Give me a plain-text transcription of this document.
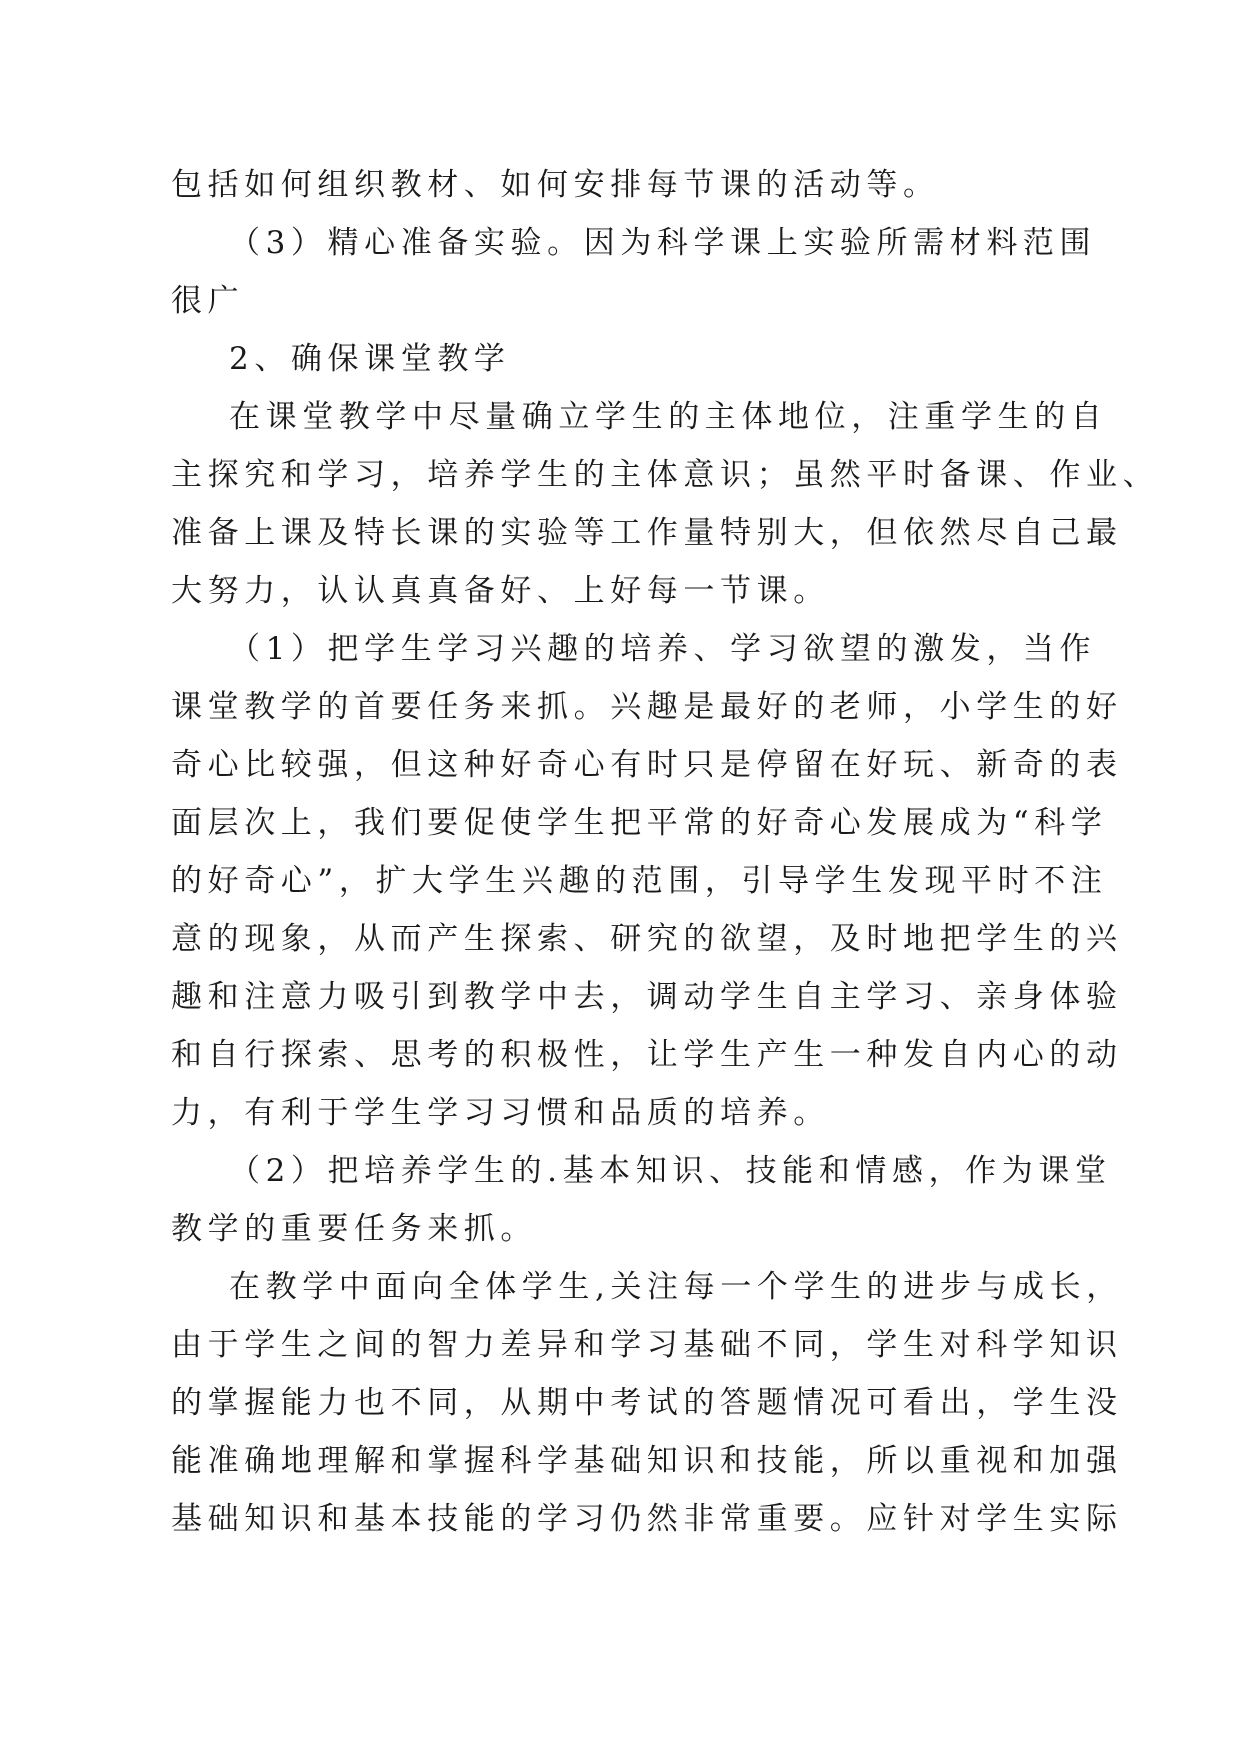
包括如何组织教材、如何安排每节课的活动等。
（3）精心准备实验。因为科学课上实验所需材料范围
很广
2、确保课堂教学
在课堂教学中尽量确立学生的主体地位，注重学生的自
主探究和学习，培养学生的主体意识；虽然平时备课、作业、
准备上课及特长课的实验等工作量特别大，但依然尽自己最
大努力，认认真真备好、上好每一节课。
（1）把学生学习兴趣的培养、学习欲望的激发，当作
课堂教学的首要任务来抓。兴趣是最好的老师，小学生的好
奇心比较强，但这种好奇心有时只是停留在好玩、新奇的表
面层次上，我们要促使学生把平常的好奇心发展成为“科学
的好奇心”，扩大学生兴趣的范围，引导学生发现平时不注
意的现象，从而产生探索、研究的欲望，及时地把学生的兴
趣和注意力吸引到教学中去，调动学生自主学习、亲身体验
和自行探索、思考的积极性，让学生产生一种发自内心的动
力，有利于学生学习习惯和品质的培养。
（2）把培养学生的.基本知识、技能和情感，作为课堂
教学的重要任务来抓。
在教学中面向全体学生,关注每一个学生的进步与成长，
由于学生之间的智力差异和学习基础不同，学生对科学知识
的掌握能力也不同，从期中考试的答题情况可看出，学生没
能准确地理解和掌握科学基础知识和技能，所以重视和加强
基础知识和基本技能的学习仍然非常重要。应针对学生实际
